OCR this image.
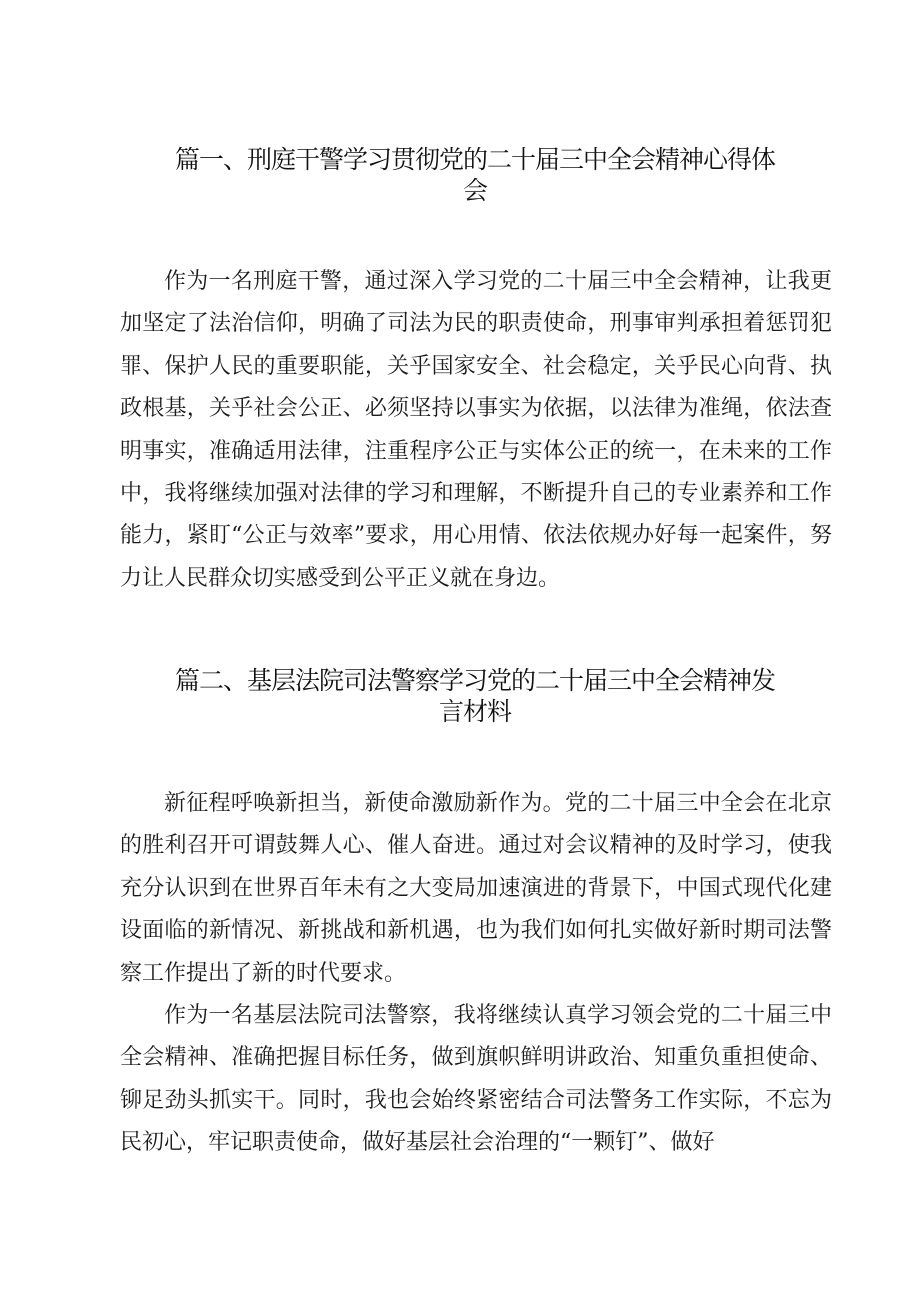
篇一、刑庭干警学习贯彻党的二十届三中全会精神心得体
会

作为一名刑庭干警，通过深入学习党的二十届三中全会精神，让我更加坚定了法治信仰，明确了司法为民的职责使命，刑事审判承担着惩罚犯罪、保护人民的重要职能，关乎国家安全、社会稳定，关乎民心向背、执政根基，关乎社会公正、必须坚持以事实为依据，以法律为准绳，依法查明事实，准确适用法律，注重程序公正与实体公正的统一，在未来的工作中，我将继续加强对法律的学习和理解，不断提升自己的专业素养和工作能力，紧盯“公正与效率”要求，用心用情、依法依规办好每一起案件，努力让人民群众切实感受到公平正义就在身边。

篇二、基层法院司法警察学习党的二十届三中全会精神发
言材料

新征程呼唤新担当，新使命激励新作为。党的二十届三中全会在北京的胜利召开可谓鼓舞人心、催人奋进。通过对会议精神的及时学习，使我充分认识到在世界百年未有之大变局加速演进的背景下，中国式现代化建设面临的新情况、新挑战和新机遇，也为我们如何扎实做好新时期司法警察工作提出了新的时代要求。

作为一名基层法院司法警察，我将继续认真学习领会党的二十届三中全会精神、准确把握目标任务，做到旗帜鲜明讲政治、知重负重担使命、铆足劲头抓实干。同时，我也会始终紧密结合司法警务工作实际，不忘为民初心，牢记职责使命，做好基层社会治理的“一颗钉”、做好
